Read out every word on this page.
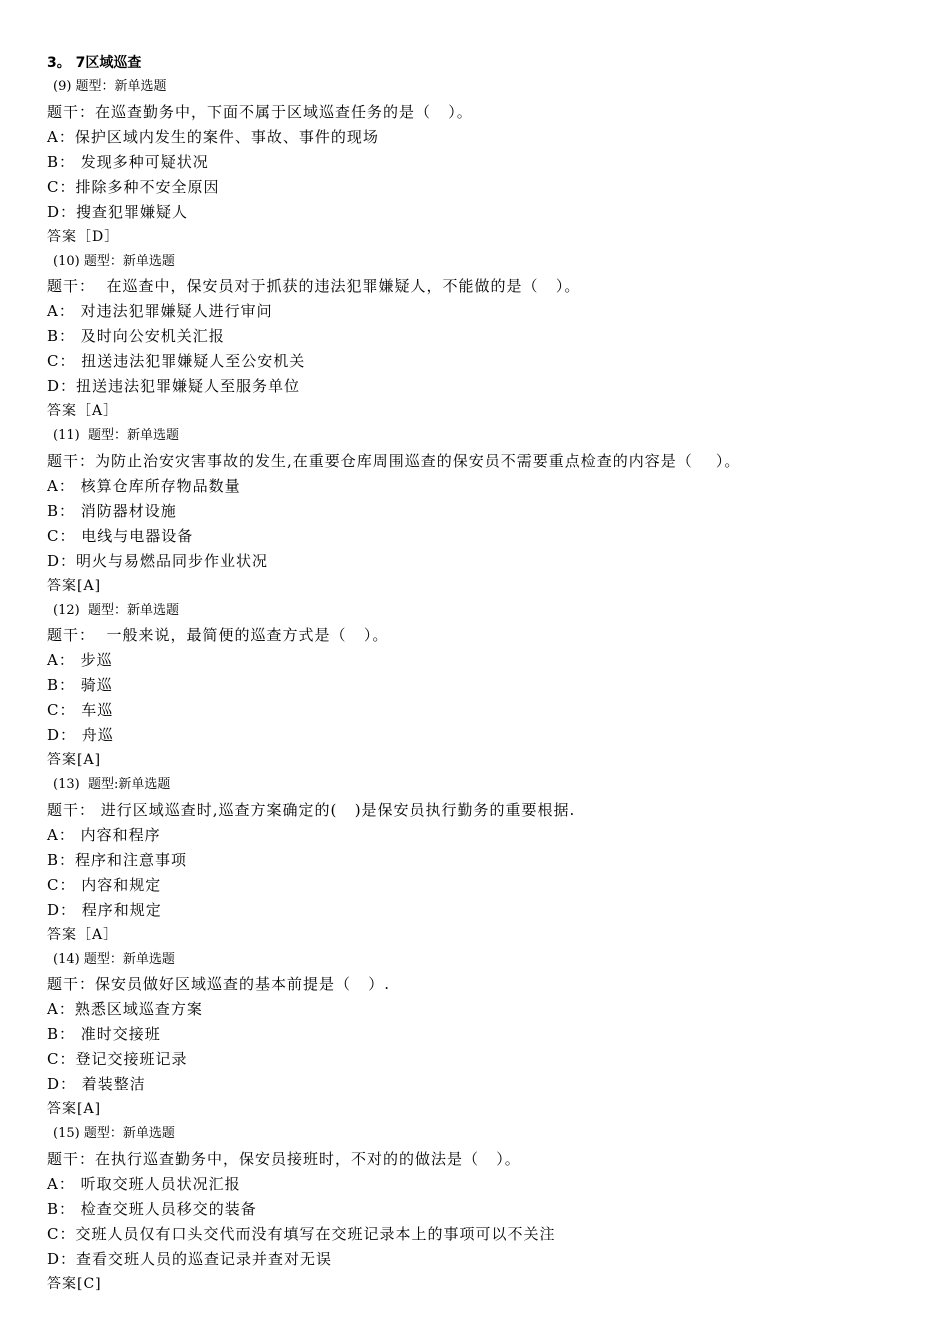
3。 7区域巡查
(9) 题型：新单选题
题干：在巡查勤务中，下面不属于区域巡查任务的是（   ）。
A：保护区域内发生的案件、事故、事件的现场
B： 发现多种可疑状况
C：排除多种不安全原因
D：搜查犯罪嫌疑人
答案［D］
(10) 题型：新单选题
题干：  在巡查中，保安员对于抓获的违法犯罪嫌疑人，不能做的是（   ）。
A： 对违法犯罪嫌疑人进行审问
B： 及时向公安机关汇报
C： 扭送违法犯罪嫌疑人至公安机关
D：扭送违法犯罪嫌疑人至服务单位
答案［A］
(11)  题型：新单选题
题干：为防止治安灾害事故的发生,在重要仓库周围巡查的保安员不需要重点检查的内容是（    ）。
A： 核算仓库所存物品数量
B： 消防器材设施
C： 电线与电器设备
D：明火与易燃品同步作业状况
答案[A]
(12)  题型：新单选题
题干：  一般来说，最简便的巡查方式是（   ）。
A： 步巡
B： 骑巡
C： 车巡
D： 舟巡
答案[A]
(13)  题型:新单选题
题干： 进行区域巡查时,巡查方案确定的(   )是保安员执行勤务的重要根据.
A： 内容和程序
B：程序和注意事项
C： 内容和规定
D： 程序和规定
答案［A］
(14) 题型：新单选题
题干：保安员做好区域巡查的基本前提是（   ）.
A：熟悉区域巡查方案
B： 准时交接班
C：登记交接班记录
D： 着装整洁
答案[A]
(15) 题型：新单选题
题干：在执行巡查勤务中，保安员接班时，不对的的做法是（   ）。
A： 听取交班人员状况汇报
B： 检查交班人员移交的装备
C：交班人员仅有口头交代而没有填写在交班记录本上的事项可以不关注
D：查看交班人员的巡查记录并查对无误
答案[C]
